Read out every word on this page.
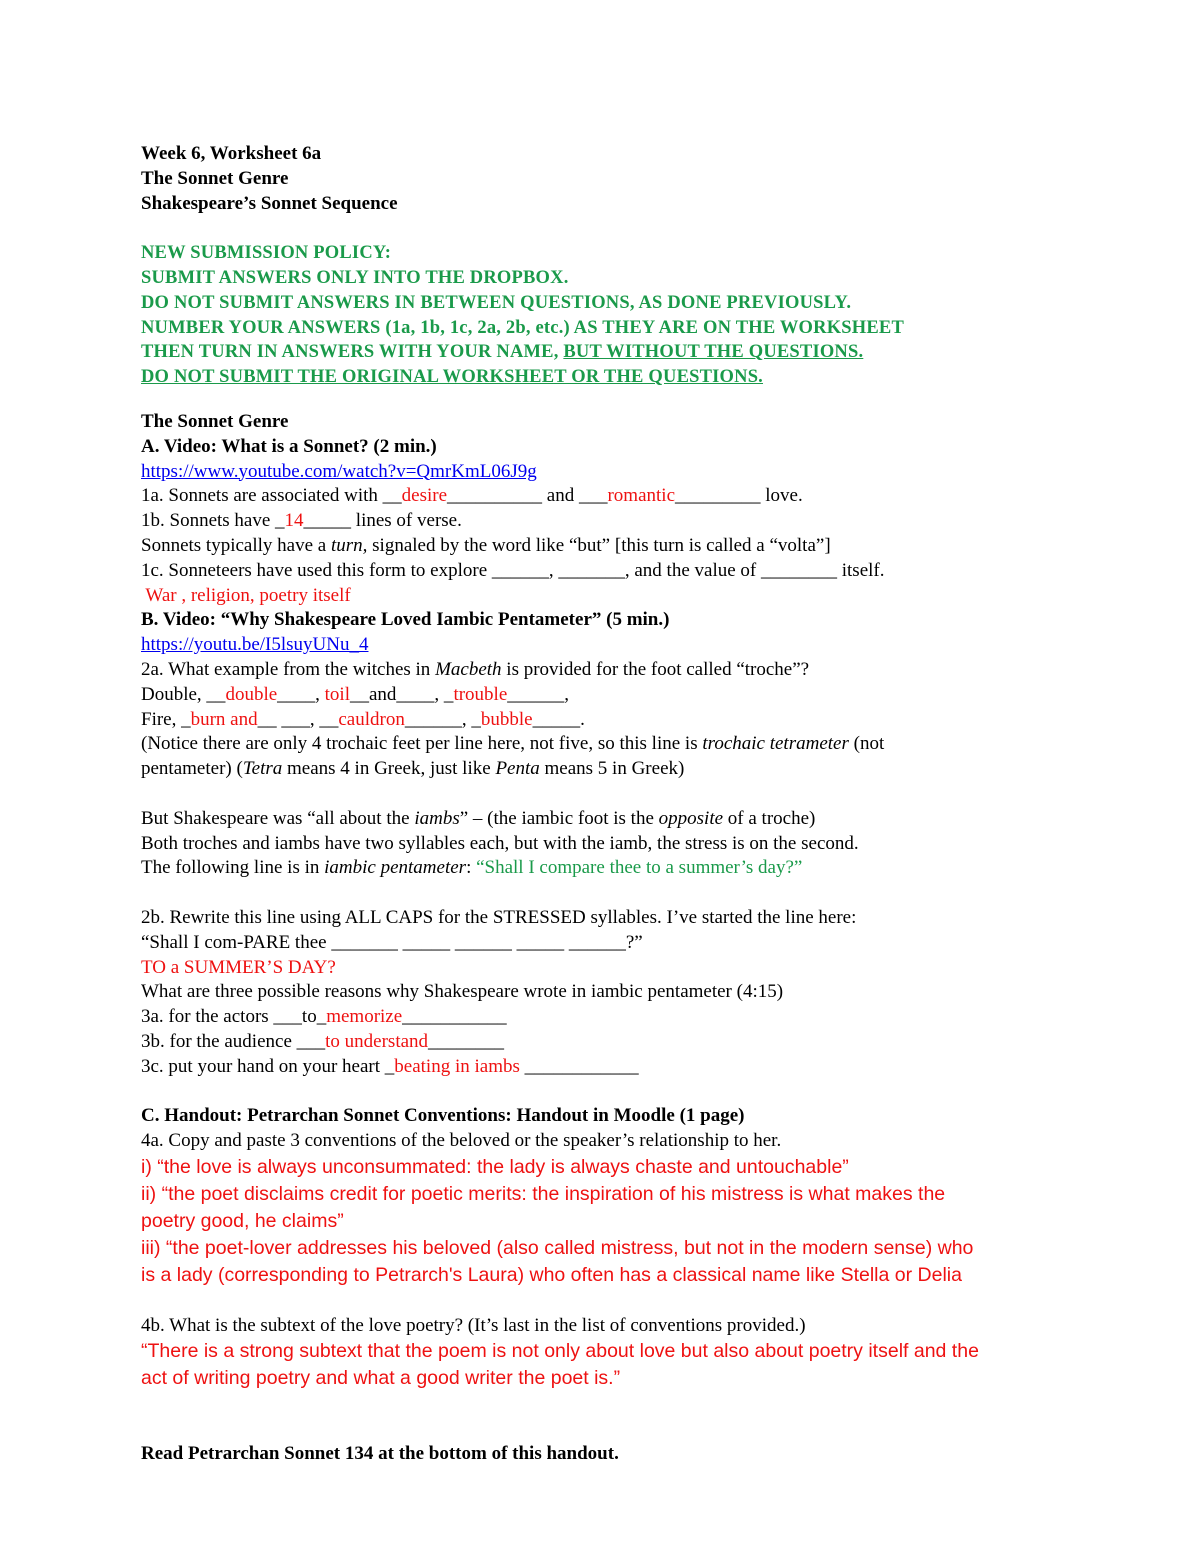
Week 6, Worksheet 6a
The Sonnet Genre
Shakespeare’s Sonnet Sequence
NEW SUBMISSION POLICY:
SUBMIT ANSWERS ONLY INTO THE DROPBOX.
DO NOT SUBMIT ANSWERS IN BETWEEN QUESTIONS, AS DONE PREVIOUSLY.
NUMBER YOUR ANSWERS (1a, 1b, 1c, 2a, 2b, etc.) AS THEY ARE ON THE WORKSHEET
THEN TURN IN ANSWERS WITH YOUR NAME, BUT WITHOUT THE QUESTIONS.
DO NOT SUBMIT THE ORIGINAL WORKSHEET OR THE QUESTIONS.
The Sonnet Genre
A. Video: What is a Sonnet? (2 min.)
https://www.youtube.com/watch?v=QmrKmL06J9g
1a. Sonnets are associated with __desire__________ and ___romantic_________ love.
1b. Sonnets have _14_____ lines of verse.
Sonnets typically have a turn, signaled by the word like “but” [this turn is called a “volta”]
1c. Sonneteers have used this form to explore ______, _______, and the value of ________ itself.
War , religion, poetry itself
B. Video: “Why Shakespeare Loved Iambic Pentameter” (5 min.)
https://youtu.be/I5lsuyUNu_4
2a. What example from the witches in Macbeth is provided for the foot called “troche”?
Double, __double____, toil__and____, _trouble______,
Fire, _burn and__ ___, __cauldron______, _bubble_____.
(Notice there are only 4 trochaic feet per line here, not five, so this line is trochaic tetrameter (not
pentameter) (Tetra means 4 in Greek, just like Penta means 5 in Greek)
But Shakespeare was “all about the iambs” – (the iambic foot is the opposite of a troche)
Both troches and iambs have two syllables each, but with the iamb, the stress is on the second.
The following line is in iambic pentameter: “Shall I compare thee to a summer’s day?”
2b. Rewrite this line using ALL CAPS for the STRESSED syllables. I’ve started the line here:
“Shall I com-PARE thee _______ _____ ______ _____ ______?”
TO a SUMMER’S DAY?
What are three possible reasons why Shakespeare wrote in iambic pentameter (4:15)
3a. for the actors ___to_memorize___________
3b. for the audience ___to understand________
3c. put your hand on your heart _beating in iambs ____________
C. Handout: Petrarchan Sonnet Conventions: Handout in Moodle (1 page)
4a. Copy and paste 3 conventions of the beloved or the speaker’s relationship to her.
i) “the love is always unconsummated: the lady is always chaste and untouchable”
ii) “the poet disclaims credit for poetic merits: the inspiration of his mistress is what makes the
poetry good, he claims”
iii) “the poet-lover addresses his beloved (also called mistress, but not in the modern sense) who
is a lady (corresponding to Petrarch's Laura) who often has a classical name like Stella or Delia
4b. What is the subtext of the love poetry? (It’s last in the list of conventions provided.)
“There is a strong subtext that the poem is not only about love but also about poetry itself and the
act of writing poetry and what a good writer the poet is.”
Read Petrarchan Sonnet 134 at the bottom of this handout.
